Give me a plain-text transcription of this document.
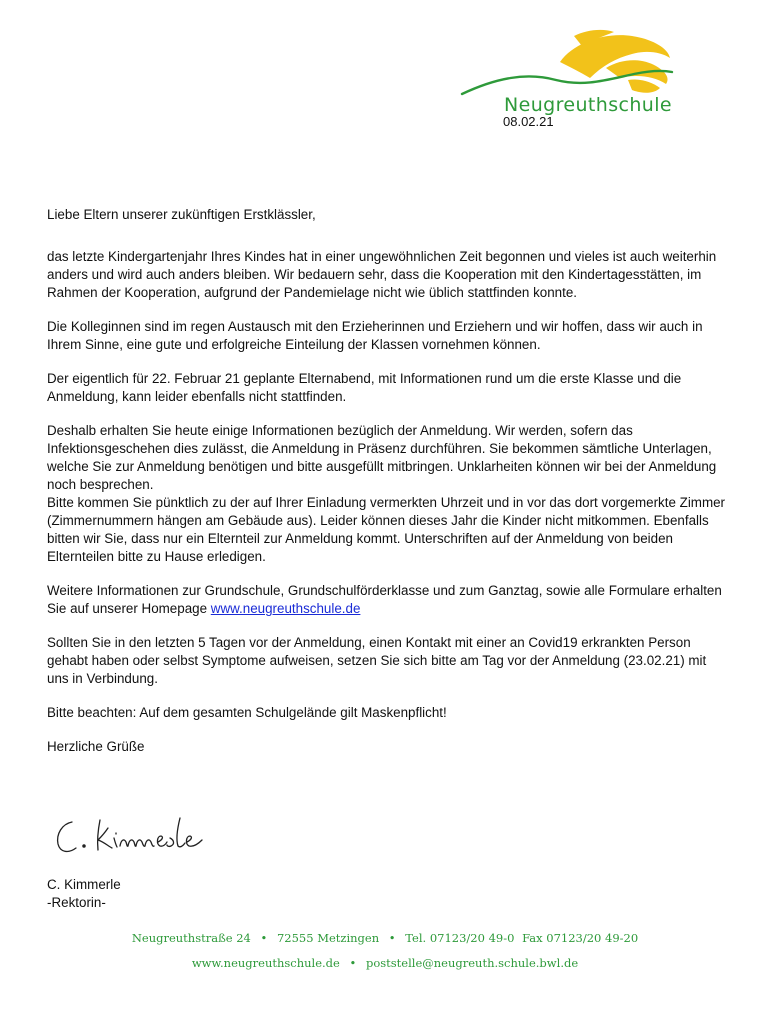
Neugreuthschule
08.02.21

Liebe Eltern unserer zukünftigen Erstklässler,

das letzte Kindergartenjahr Ihres Kindes hat in einer ungewöhnlichen Zeit begonnen und vieles ist auch weiterhin anders und wird auch anders bleiben. Wir bedauern sehr, dass die Kooperation mit den Kindertagesstätten, im Rahmen der Kooperation, aufgrund der Pandemielage nicht wie üblich stattfinden konnte.

Die Kolleginnen sind im regen Austausch mit den Erzieherinnen und Erziehern und wir hoffen, dass wir auch in Ihrem Sinne, eine gute und erfolgreiche Einteilung der Klassen vornehmen können.

Der eigentlich für 22. Februar 21 geplante Elternabend, mit Informationen rund um die erste Klasse und die Anmeldung, kann leider ebenfalls nicht stattfinden.

Deshalb erhalten Sie heute einige Informationen bezüglich der Anmeldung. Wir werden, sofern das Infektionsgeschehen dies zulässt, die Anmeldung in Präsenz durchführen. Sie bekommen sämtliche Unterlagen, welche Sie zur Anmeldung benötigen und bitte ausgefüllt mitbringen. Unklarheiten können wir bei der Anmeldung noch besprechen.
Bitte kommen Sie pünktlich zu der auf Ihrer Einladung vermerkten Uhrzeit und in vor das dort vorgemerkte Zimmer (Zimmernummern hängen am Gebäude aus). Leider können dieses Jahr die Kinder nicht mitkommen. Ebenfalls bitten wir Sie, dass nur ein Elternteil zur Anmeldung kommt. Unterschriften auf der Anmeldung von beiden Elternteilen bitte zu Hause erledigen.

Weitere Informationen zur Grundschule, Grundschulförderklasse und zum Ganztag, sowie alle Formulare erhalten Sie auf unserer Homepage www.neugreuthschule.de

Sollten Sie in den letzten 5 Tagen vor der Anmeldung, einen Kontakt mit einer an Covid19 erkrankten Person gehabt haben oder selbst Symptome aufweisen, setzen Sie sich bitte am Tag vor der Anmeldung (23.02.21) mit uns in Verbindung.

Bitte beachten: Auf dem gesamten Schulgelände gilt Maskenpflicht!

Herzliche Grüße

C. Kimmerle
C. Kimmerle
-Rektorin-
Neugreuthstraße 24 • 72555 Metzingen • Tel. 07123/20 49-0 Fax 07123/20 49-20
www.neugreuthschule.de • poststelle@neugreuth.schule.bwl.de
